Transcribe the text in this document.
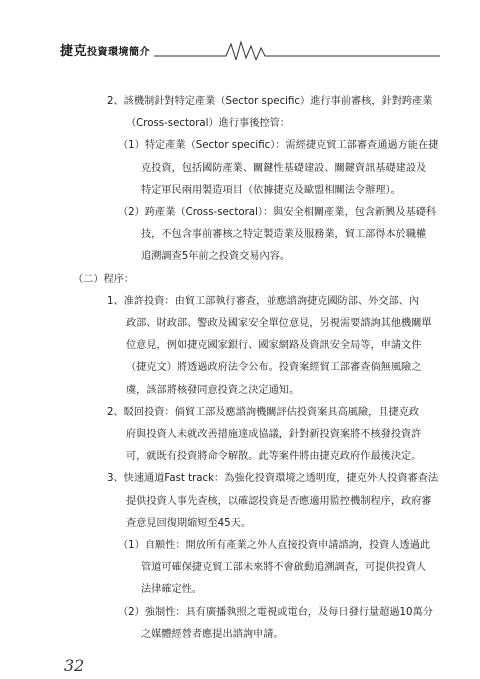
捷克投資環境簡介
2、該機制針對特定產業（Sector specific）進行事前審核，針對跨產業
（Cross-sectoral）進行事後控管：
（1）特定產業（Sector specific）：需經捷克貿工部審查通過方能在捷
克投資，包括國防產業、關鍵性基礎建設、關鍵資訊基礎建設及
特定軍民兩用製造項目（依據捷克及歐盟相關法令辦理）。
（2）跨產業（Cross-sectoral）：與安全相關產業，包含新興及基礎科
技，不包含事前審核之特定製造業及服務業，貿工部得本於職權
追溯調查5年前之投資交易內容。
（二）程序：
1、准許投資：由貿工部執行審查，並應諮詢捷克國防部、外交部、內
政部、財政部、警政及國家安全單位意見，另視需要諮詢其他機關單
位意見，例如捷克國家銀行、國家網路及資訊安全局等，申請文件
（捷克文）將透過政府法令公布。投資案經貿工部審查倘無風險之
虞，該部將核發同意投資之決定通知。
2、駁回投資：倘貿工部及應諮詢機關評估投資案具高風險，且捷克政
府與投資人未就改善措施達成協議，針對新投資案將不核發投資許
可，就既有投資將命令解散。此等案件將由捷克政府作最後決定。
3、快速通道Fast track：為強化投資環境之透明度，捷克外人投資審查法
提供投資人事先查核，以確認投資是否應適用監控機制程序，政府審
查意見回復期縮短至45天。
（1）自願性：開放所有產業之外人直接投資申請諮詢，投資人透過此
管道可確保捷克貿工部未來將不會啟動追溯調查，可提供投資人
法律確定性。
（2）強制性：具有廣播執照之電視或電台，及每日發行量超過10萬分
之媒體經營者應提出諮詢申請。
32
